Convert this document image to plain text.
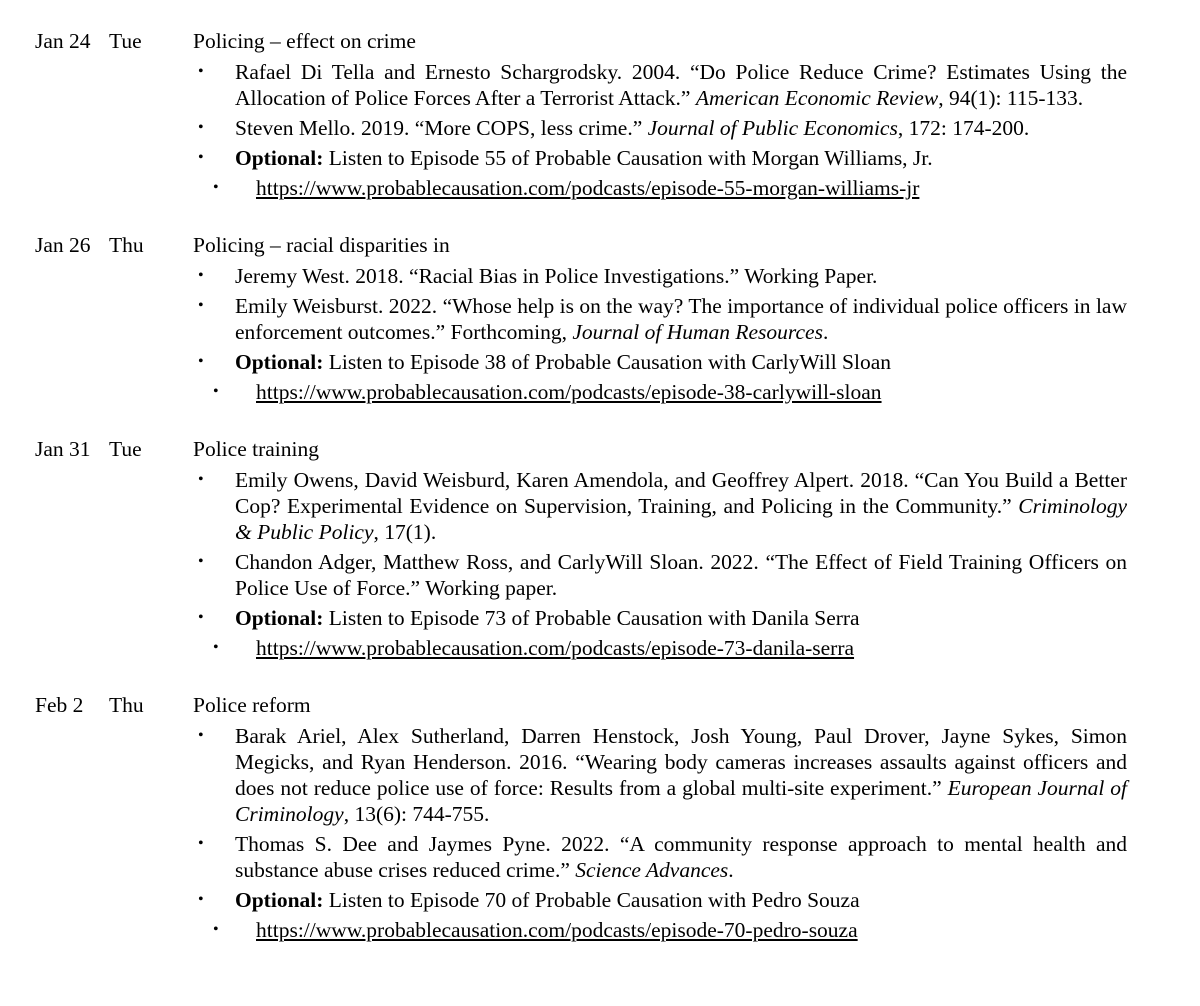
Jan 24 Tue Policing – effect on crime
• Rafael Di Tella and Ernesto Schargrodsky. 2004. “Do Police Reduce Crime? Estimates Using the Allocation of Police Forces After a Terrorist Attack.” American Economic Review, 94(1): 115-133.
• Steven Mello. 2019. “More COPS, less crime.” Journal of Public Economics, 172: 174-200.
• Optional: Listen to Episode 55 of Probable Causation with Morgan Williams, Jr.
• https://www.probablecausation.com/podcasts/episode-55-morgan-williams-jr
Jan 26 Thu Policing – racial disparities in
• Jeremy West. 2018. “Racial Bias in Police Investigations.” Working Paper.
• Emily Weisburst. 2022. “Whose help is on the way? The importance of individual police officers in law enforcement outcomes.” Forthcoming, Journal of Human Resources.
• Optional: Listen to Episode 38 of Probable Causation with CarlyWill Sloan
• https://www.probablecausation.com/podcasts/episode-38-carlywill-sloan
Jan 31 Tue Police training
• Emily Owens, David Weisburd, Karen Amendola, and Geoffrey Alpert. 2018. “Can You Build a Better Cop? Experimental Evidence on Supervision, Training, and Policing in the Community.” Criminology & Public Policy, 17(1).
• Chandon Adger, Matthew Ross, and CarlyWill Sloan. 2022. “The Effect of Field Training Officers on Police Use of Force.” Working paper.
• Optional: Listen to Episode 73 of Probable Causation with Danila Serra
• https://www.probablecausation.com/podcasts/episode-73-danila-serra
Feb 2 Thu Police reform
• Barak Ariel, Alex Sutherland, Darren Henstock, Josh Young, Paul Drover, Jayne Sykes, Simon Megicks, and Ryan Henderson. 2016. “Wearing body cameras increases assaults against officers and does not reduce police use of force: Results from a global multi-site experiment.” European Journal of Criminology, 13(6): 744-755.
• Thomas S. Dee and Jaymes Pyne. 2022. “A community response approach to mental health and substance abuse crises reduced crime.” Science Advances.
• Optional: Listen to Episode 70 of Probable Causation with Pedro Souza
• https://www.probablecausation.com/podcasts/episode-70-pedro-souza
